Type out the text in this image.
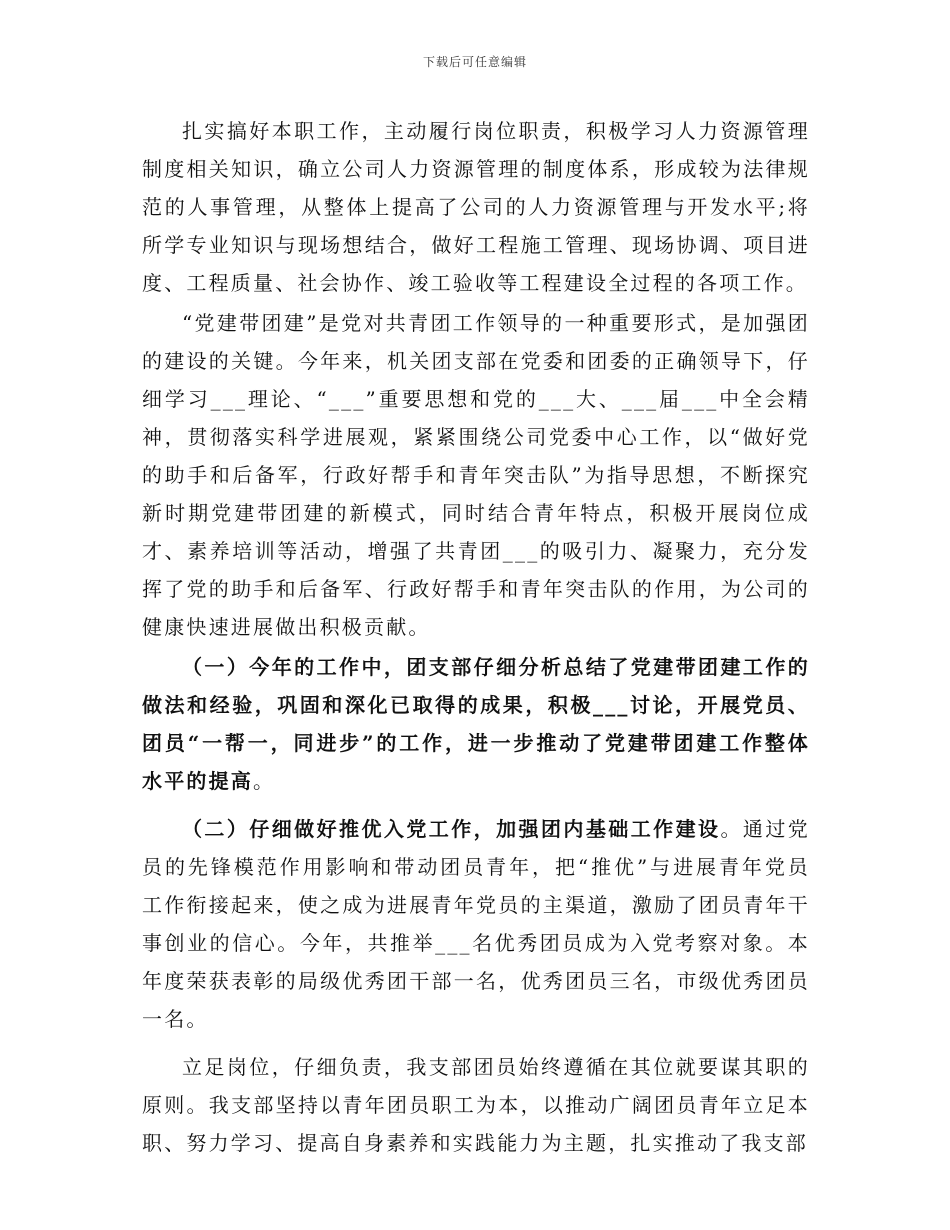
下载后可任意编辑

扎实搞好本职工作，主动履行岗位职责，积极学习人力资源管理制度相关知识，确立公司人力资源管理的制度体系，形成较为法律规范的人事管理，从整体上提高了公司的人力资源管理与开发水平;将所学专业知识与现场想结合，做好工程施工管理、现场协调、项目进度、工程质量、社会协作、竣工验收等工程建设全过程的各项工作。

“党建带团建”是党对共青团工作领导的一种重要形式，是加强团的建设的关键。今年来，机关团支部在党委和团委的正确领导下，仔细学习___理论、“___”重要思想和党的___大、___届___中全会精神，贯彻落实科学进展观，紧紧围绕公司党委中心工作，以“做好党的助手和后备军，行政好帮手和青年突击队”为指导思想，不断探究新时期党建带团建的新模式，同时结合青年特点，积极开展岗位成才、素养培训等活动，增强了共青团___的吸引力、凝聚力，充分发挥了党的助手和后备军、行政好帮手和青年突击队的作用，为公司的健康快速进展做出积极贡献。

（一）今年的工作中，团支部仔细分析总结了党建带团建工作的做法和经验，巩固和深化已取得的成果，积极___讨论，开展党员、团员“一帮一，同进步”的工作，进一步推动了党建带团建工作整体水平的提高。

（二）仔细做好推优入党工作，加强团内基础工作建设。通过党员的先锋模范作用影响和带动团员青年，把“推优”与进展青年党员工作衔接起来，使之成为进展青年党员的主渠道，激励了团员青年干事创业的信心。今年，共推举___名优秀团员成为入党考察对象。本年度荣获表彰的局级优秀团干部一名，优秀团员三名，市级优秀团员一名。

立足岗位，仔细负责，我支部团员始终遵循在其位就要谋其职的原则。我支部坚持以青年团员职工为本，以推动广阔团员青年立足本职、努力学习、提高自身素养和实践能力为主题，扎实推动了我支部
